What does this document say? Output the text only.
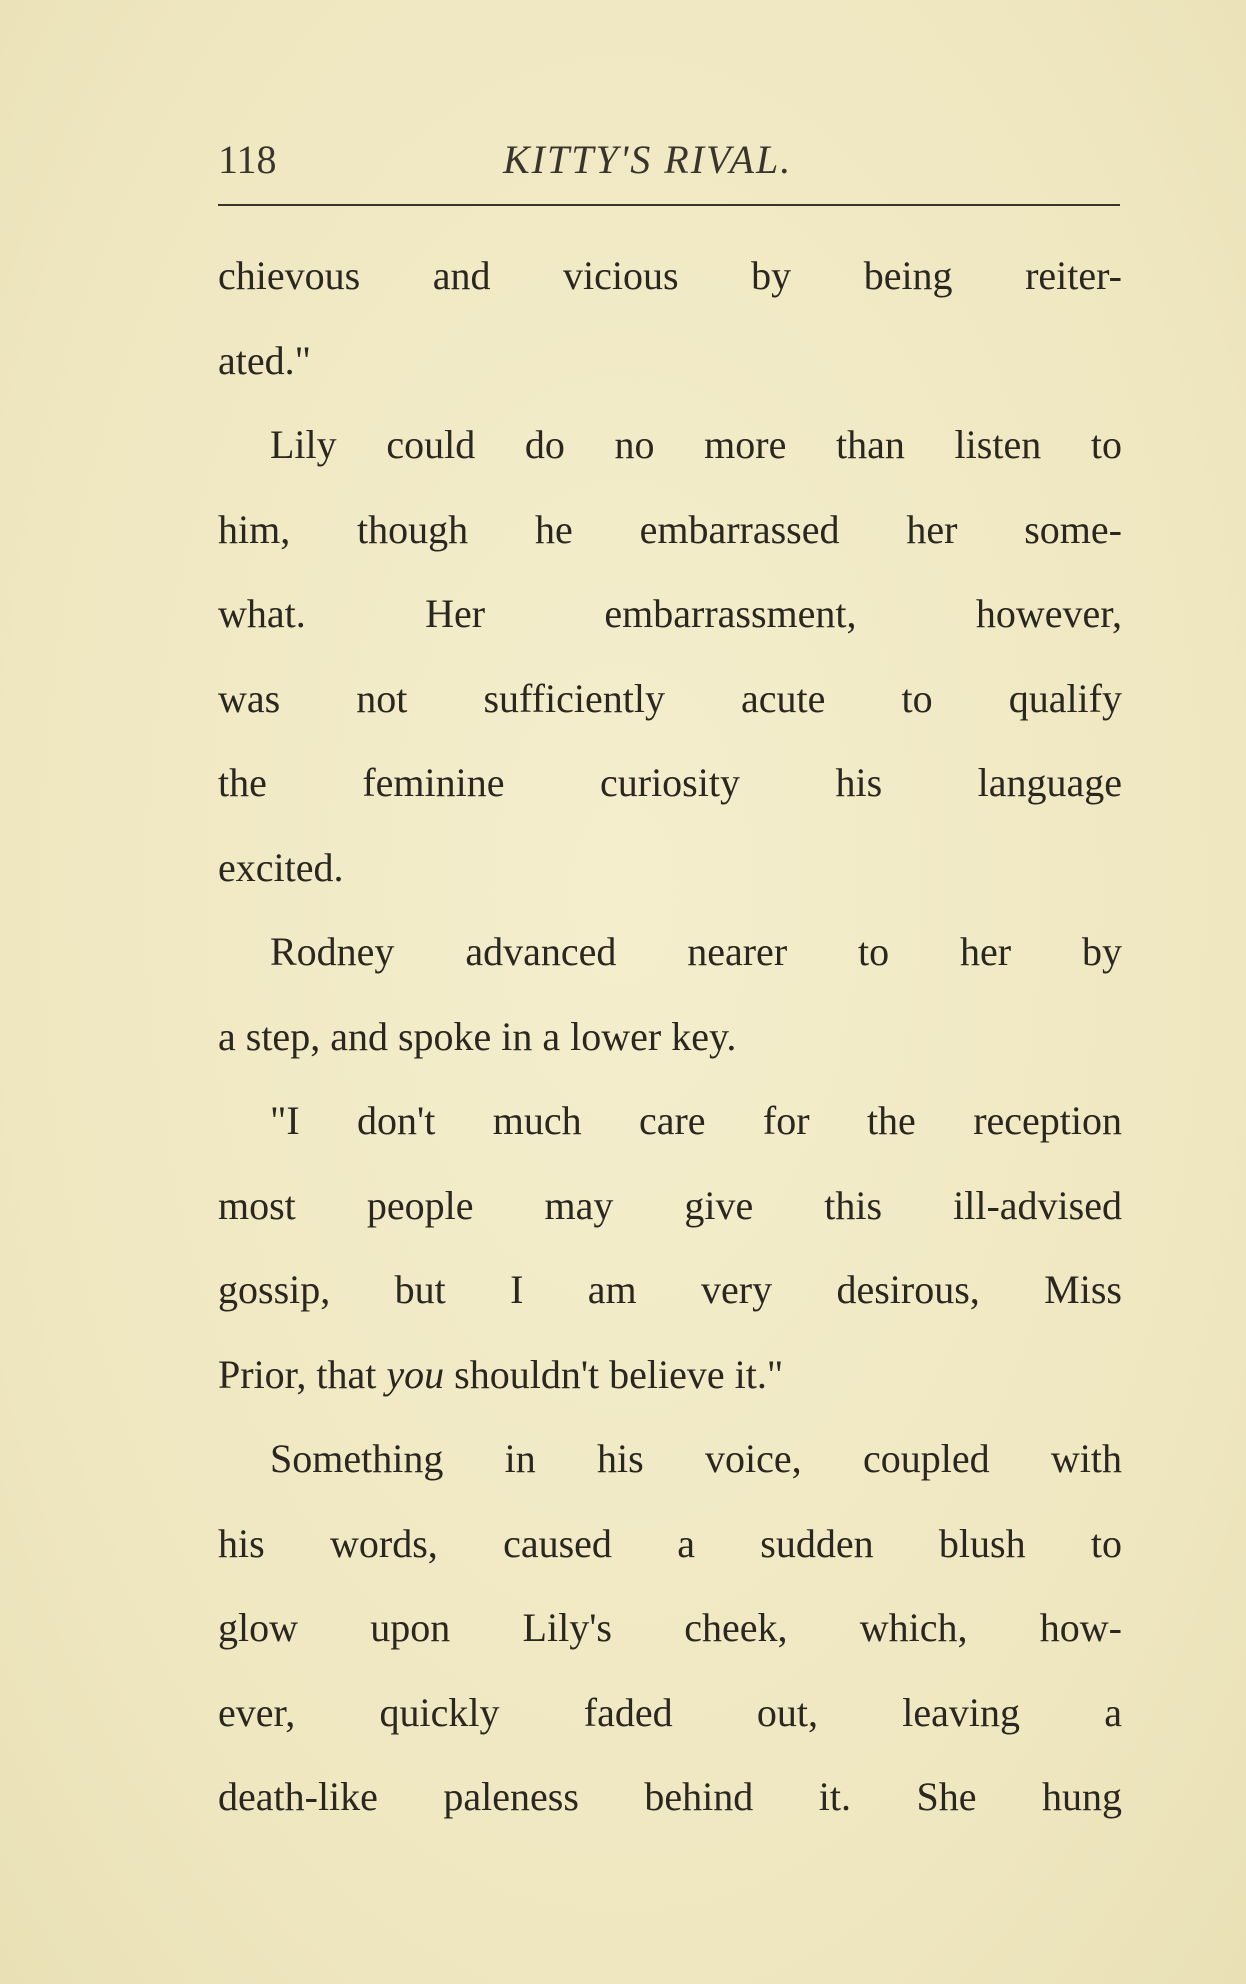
118	KITTY'S RIVAL.
chievous and vicious by being reiter-
ated."
Lily could do no more than listen to
him, though he embarrassed her some-
what. Her embarrassment, however,
was not sufficiently acute to qualify
the feminine curiosity his language
excited.
Rodney advanced nearer to her by
a step, and spoke in a lower key.
"I don't much care for the reception
most people may give this ill-advised
gossip, but I am very desirous, Miss
Prior, that you shouldn't believe it."
Something in his voice, coupled with
his words, caused a sudden blush to
glow upon Lily's cheek, which, how-
ever, quickly faded out, leaving a
death-like paleness behind it. She hung
